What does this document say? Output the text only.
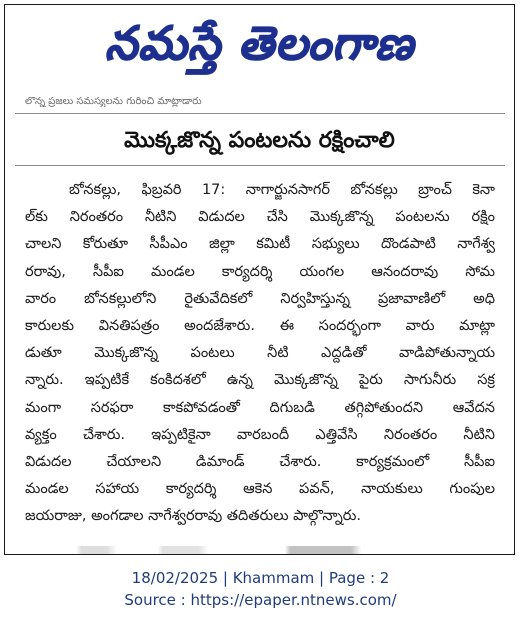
నమస్తే తెలంగాణ
లోన్న ప్రజలు సమస్యలను గురించి మాట్లాడారు
మొక్కజొన్న పంటలను రక్షించాలి
బోనకల్లు, ఫిబ్రవరి 17: నాగార్జునసాగర్ బోనకల్లు బ్రాంచ్ కెనా
ల్‌కు నిరంతరం నీటిని విడుదల చేసి మొక్కజొన్న పంటలను రక్షిం
చాలని కోరుతూ సీపీఎం జిల్లా కమిటీ సభ్యులు దొండపాటి నాగేశ్వ
రరావు, సీపీఐ మండల కార్యదర్శి యంగల ఆనందరావు సోమ
వారం బోనకల్లులోని రైతువేదికలో నిర్వహిస్తున్న ప్రజావాణిలో అధి
కారులకు వినతిపత్రం అందజేశారు. ఈ సందర్భంగా వారు మాట్లా
డుతూ మొక్కజొన్న పంటలు నీటి ఎద్దడితో వాడిపోతున్నాయ
న్నారు. ఇప్పటికే కంకిదశలో ఉన్న మొక్కజొన్న పైరు సాగునీరు సక్ర
మంగా సరఫరా కాకపోవడంతో దిగుబడి తగ్గిపోతుందని ఆవేదన
వ్యక్తం చేశారు. ఇప్పటికైనా వారబందీ ఎత్తివేసి నిరంతరం నీటిని
విడుదల చేయాలని డిమాండ్ చేశారు. కార్యక్రమంలో సీపీఐ
మండల సహాయ కార్యదర్శి ఆకెన పవన్, నాయకులు గుంపుల
జయరాజు, అంగడాల నాగేశ్వరరావు తదితరులు పాల్గొన్నారు.
18/02/2025 | Khammam | Page : 2
Source : https://epaper.ntnews.com/
